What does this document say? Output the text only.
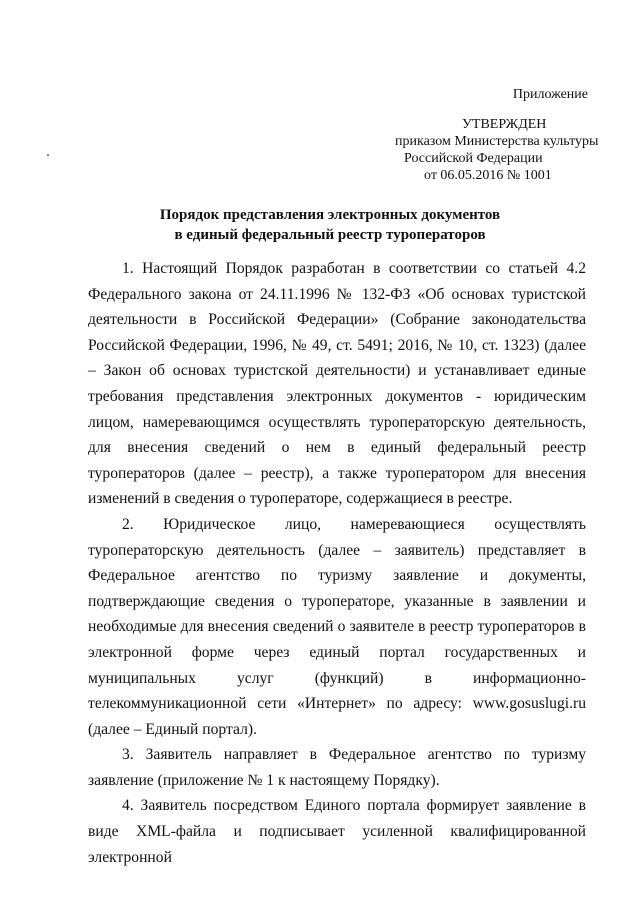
Приложение
УТВЕРЖДЕН
приказом Министерства культуры
Российской Федерации
от 06.05.2016 № 1001
Порядок представления электронных документов
в единый федеральный реестр туроператоров

1. Настоящий Порядок разработан в соответствии со статьей 4.2 Федерального закона от 24.11.1996 № 132-ФЗ «Об основах туристской деятельности в Российской Федерации» (Собрание законодательства Российской Федерации, 1996, № 49, ст. 5491; 2016, № 10, ст. 1323) (далее – Закон об основах туристской деятельности) и устанавливает единые требования представления электронных документов - юридическим лицом, намеревающимся осуществлять туроператорскую деятельность, для внесения сведений о нем в единый федеральный реестр туроператоров (далее – реестр), а также туроператором для внесения изменений в сведения о туроператоре, содержащиеся в реестре.

2. Юридическое лицо, намеревающиеся осуществлять туроператорскую деятельность (далее – заявитель) представляет в Федеральное агентство по туризму заявление и документы, подтверждающие сведения о туроператоре, указанные в заявлении и необходимые для внесения сведений о заявителе в реестр туроператоров в электронной форме через единый портал государственных и муниципальных услуг (функций) в информационно-телекоммуникационной сети «Интернет» по адресу: www.gosuslugi.ru (далее – Единый портал).

3. Заявитель направляет в Федеральное агентство по туризму заявление (приложение № 1 к настоящему Порядку).

4. Заявитель посредством Единого портала формирует заявление в виде XML-файла и подписывает усиленной квалифицированной электронной
